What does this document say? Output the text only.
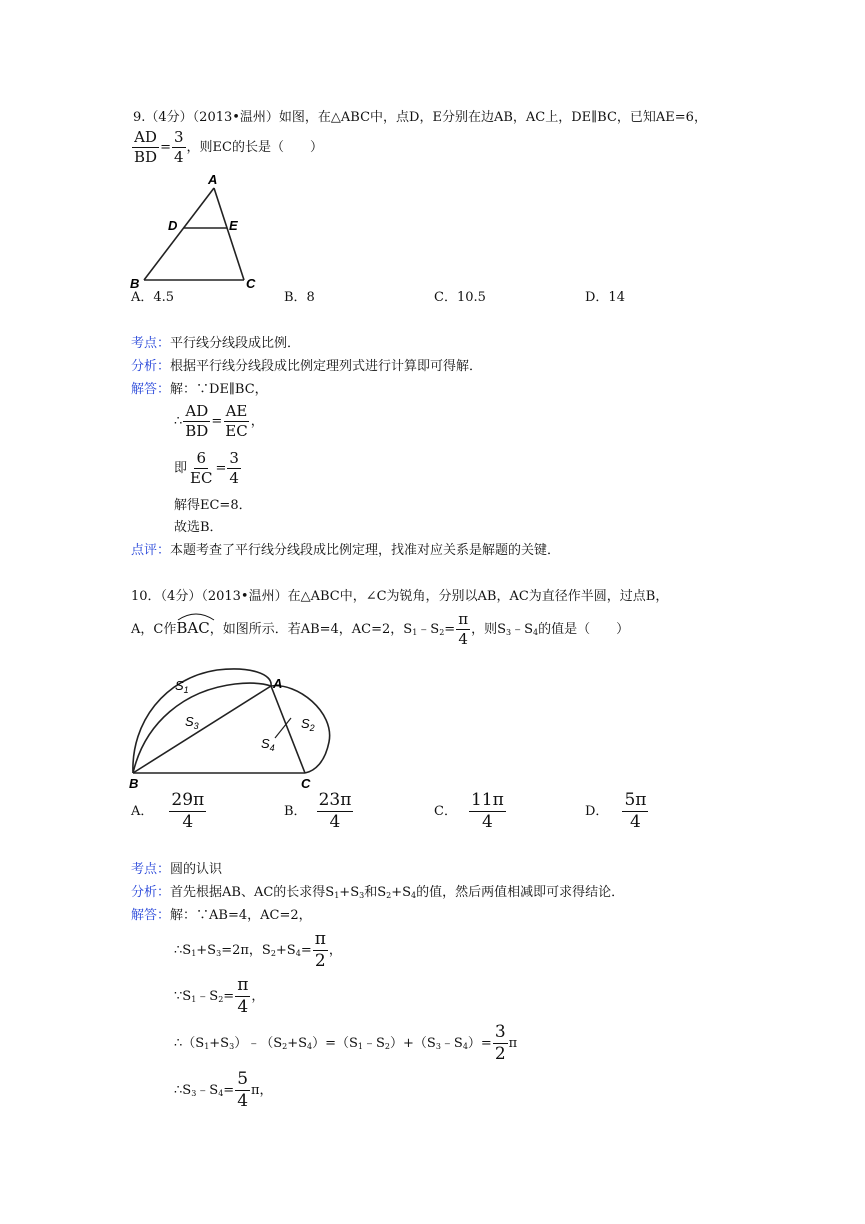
9.（4分）（2013•温州）如图，在△ABC中，点D，E分别在边AB，AC上，DE∥BC，已知AE=6，
$\frac{AD}{BD} = \frac{3}{4}$ ，则EC的长是（　　）
A
D	E
B	C
A．4.5	B．8	C．10.5	D．14
考点：平行线分线段成比例．
分析：根据平行线分线段成比例定理列式进行计算即可得解．
解答：解：∵DE∥BC，
∴ $\frac{AD}{BD} = \frac{AE}{EC}$ ，
即 $\frac{6}{EC} = \frac{3}{4}$
解得EC=8．
故选B．
点评：本题考查了平行线分线段成比例定理，找准对应关系是解题的关键．
10．（4分）（2013•温州）在△ABC中，∠C为锐角，分别以AB，AC为直径作半圆，过点B，
A，C作
BAC，如图所示．若AB=4，AC=2，$S_1﹣S_2= \frac{\pi}{4}$ ，则$S_3﹣S_4$的值是（　　）
A
B	C
$S_1$
$S_3$	$S_2$
$S_4$
A． $\frac{29\pi}{4}$	B． $\frac{23\pi}{4}$	C． $\frac{11\pi}{4}$	D． $\frac{5\pi}{4}$
考点：圆的认识
分析：首先根据AB、AC的长求得$S_1+S_3$和$S_2+S_4$的值，然后两值相减即可求得结论．
解答：解：∵AB=4，AC=2，
$\therefore S_1+S_3=2\pi$，$S_2+S_4= \frac{\pi}{2}$ ，
$\because S_1﹣S_2= \frac{\pi}{4}$ ，
$\therefore(S_1+S_3)﹣(S_2+S_4)=(S_1﹣S_2)+(S_3﹣S_4)= \frac{3}{2}$ π
$\therefore S_3﹣S_4= \frac{5}{4}$ π，
